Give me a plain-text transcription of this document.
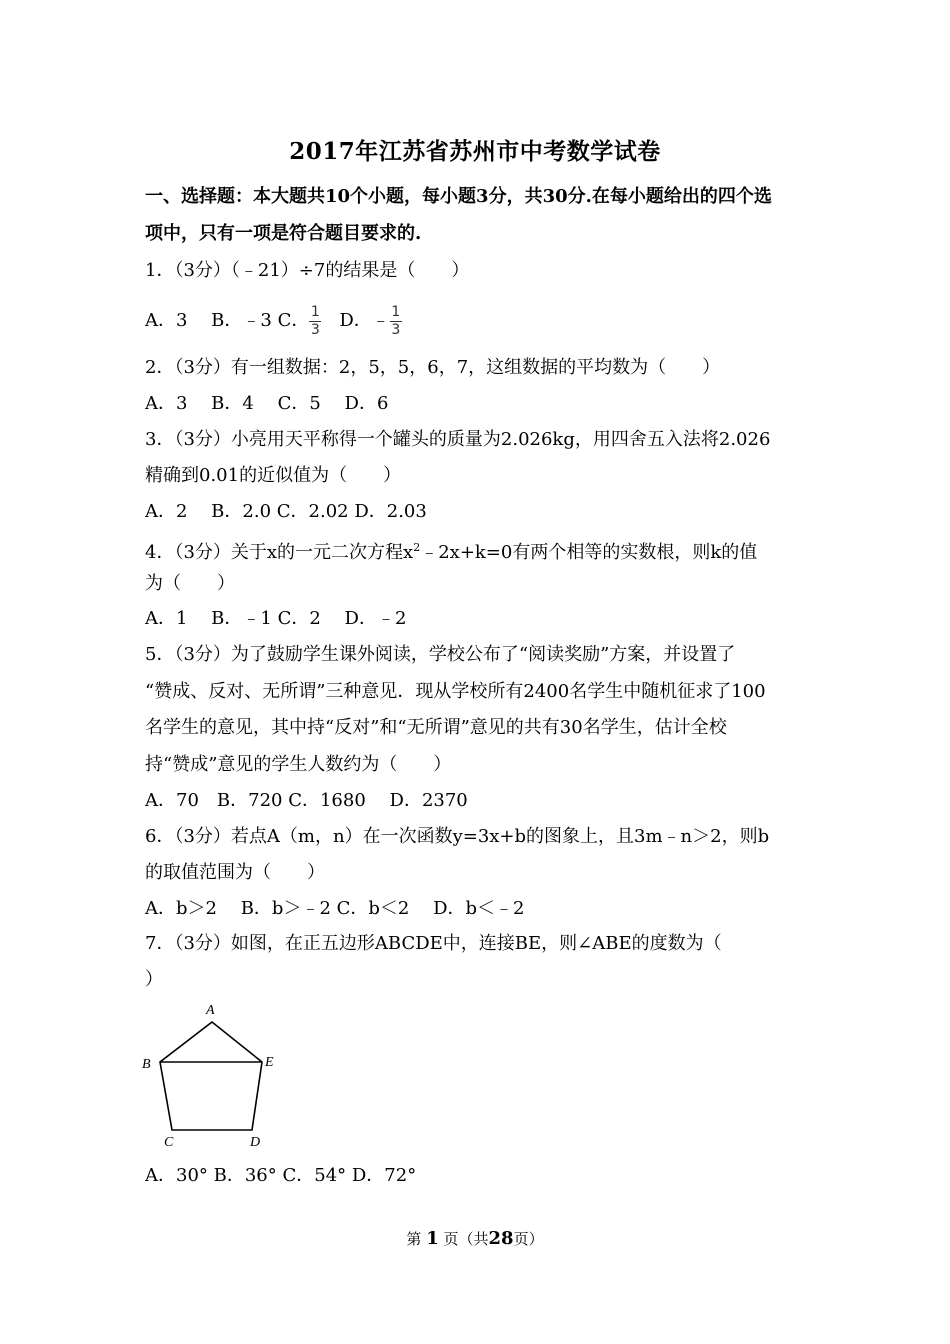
2017年江苏省苏州市中考数学试卷
一、选择题：本大题共10个小题，每小题3分，共30分.在每小题给出的四个选
项中，只有一项是符合题目要求的.
1．（3分）（﹣21）÷7的结果是（　　）
A．3　 B．﹣3 C． $\frac{1}{3}$ 　D．﹣ $\frac{1}{3}$
2．（3分）有一组数据：2，5，5，6，7，这组数据的平均数为（　　）
A．3　 B．4　 C．5　 D．6
3．（3分）小亮用天平称得一个罐头的质量为2.026kg，用四舍五入法将2.026
精确到0.01的近似值为（　　）
A．2　 B．2.0 C．2.02 D．2.03
4．（3分）关于x的一元二次方程$x^2﹣2x+k=0$有两个相等的实数根，则k的值
为（　　）
A．1　 B．﹣1 C．2　 D．﹣2
5．（3分）为了鼓励学生课外阅读，学校公布了“阅读奖励”方案，并设置了
“赞成、反对、无所谓”三种意见．现从学校所有2400名学生中随机征求了100
名学生的意见，其中持“反对”和“无所谓”意见的共有30名学生，估计全校
持“赞成”意见的学生人数约为（　　）
A．70　B．720 C．1680　 D．2370
6．（3分）若点A（m，n）在一次函数y=3x+b的图象上，且3m﹣n＞2，则b
的取值范围为（　　）
A．b＞2　 B．b＞﹣2 C．b＜2　 D．b＜﹣2
7．（3分）如图，在正五边形ABCDE中，连接BE，则∠ABE的度数为（
）
A
B
C	D
E
A．30° B．36° C．54° D．72°
第 1 页（共28页）
